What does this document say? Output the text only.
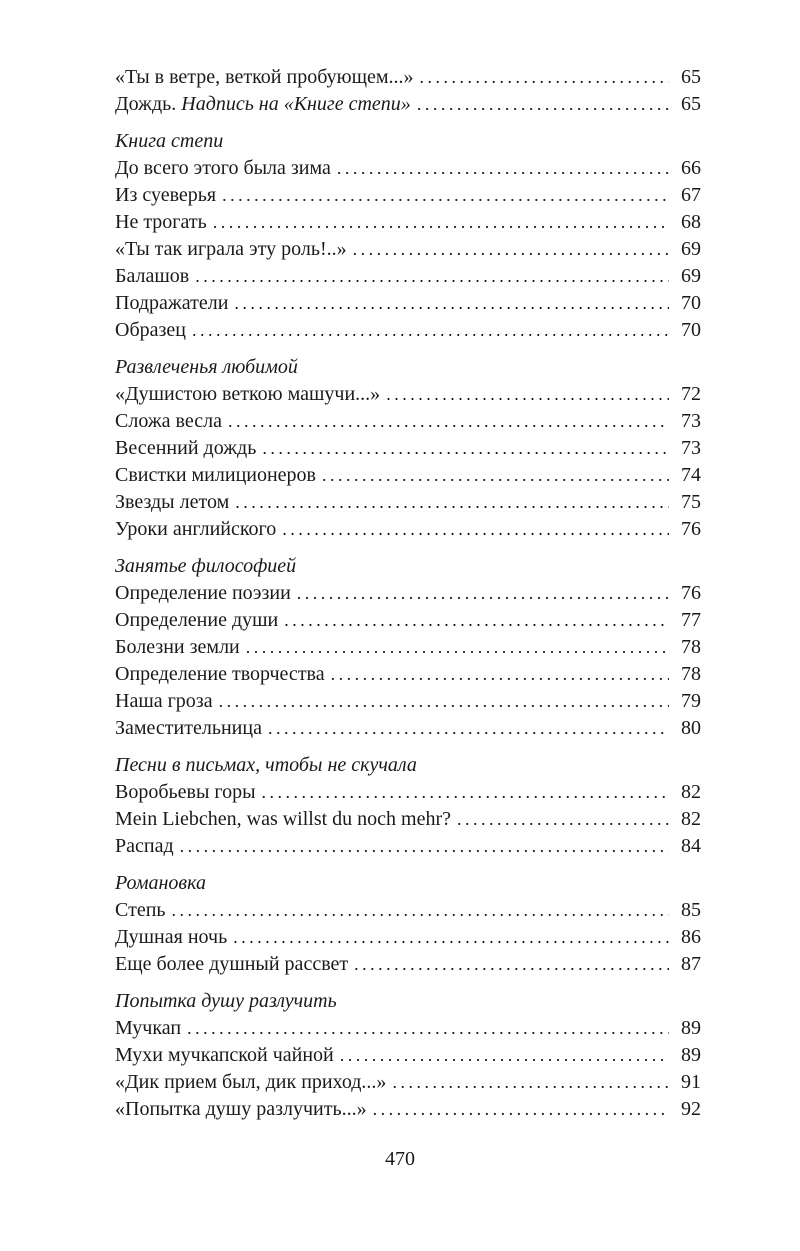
«Ты в ветре, веткой пробующем...» . . .	65
Дождь. Надпись на «Книге степи» . . .	65
Книга степи
До всего этого была зима . . .	66
Из суеверья . . .	67
Не трогать . . .	68
«Ты так играла эту роль!..» . . .	69
Балашов . . .	69
Подражатели . . .	70
Образец . . .	70
Развлеченья любимой
«Душистою веткою машучи...» . . .	72
Сложа весла . . .	73
Весенний дождь . . .	73
Свистки милиционеров . . .	74
Звезды летом . . .	75
Уроки английского . . .	76
Занятье философией
Определение поэзии . . .	76
Определение души . . .	77
Болезни земли . . .	78
Определение творчества . . .	78
Наша гроза . . .	79
Заместительница . . .	80
Песни в письмах, чтобы не скучала
Воробьевы горы . . .	82
Mein Liebchen, was willst du noch mehr? . . .	82
Распад . . .	84
Романовка
Степь . . .	85
Душная ночь . . .	86
Еще более душный рассвет . . .	87
Попытка душу разлучить
Мучкап . . .	89
Мухи мучкапской чайной . . .	89
«Дик прием был, дик приход...» . . .	91
«Попытка душу разлучить...» . . .	92
470
